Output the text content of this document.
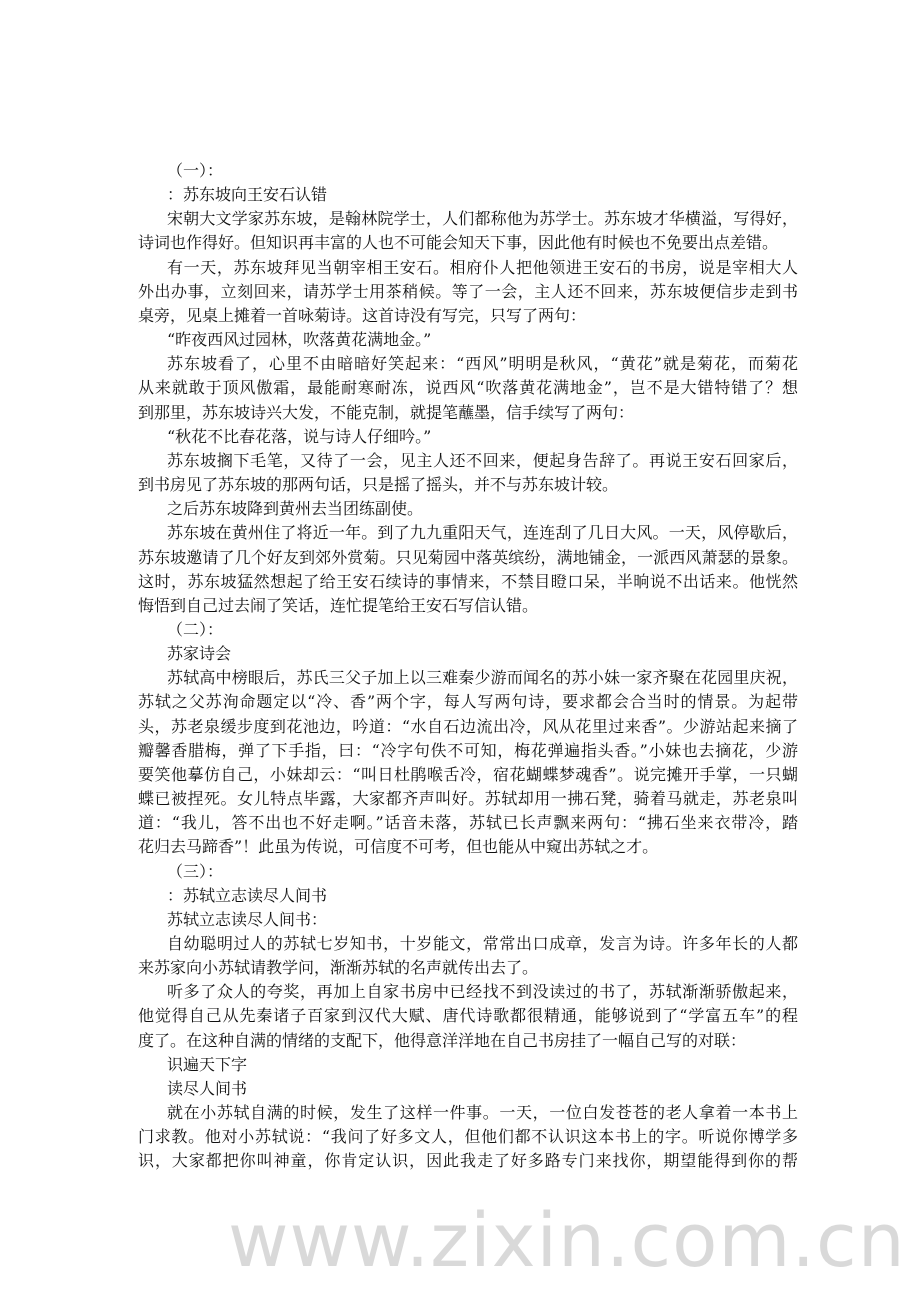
www.zixin.com.cn
（一）：
：苏东坡向王安石认错
宋朝大文学家苏东坡，是翰林院学士，人们都称他为苏学士。苏东坡才华横溢，写得好，
诗词也作得好。但知识再丰富的人也不可能会知天下事，因此他有时候也不免要出点差错。
有一天，苏东坡拜见当朝宰相王安石。相府仆人把他领进王安石的书房，说是宰相大人
外出办事，立刻回来，请苏学士用茶稍候。等了一会，主人还不回来，苏东坡便信步走到书
桌旁，见桌上摊着一首咏菊诗。这首诗没有写完，只写了两句：
“昨夜西风过园林，吹落黄花满地金。”
苏东坡看了，心里不由暗暗好笑起来：“西风”明明是秋风，“黄花”就是菊花，而菊花
从来就敢于顶风傲霜，最能耐寒耐冻，说西风“吹落黄花满地金”，岂不是大错特错了？想
到那里，苏东坡诗兴大发，不能克制，就提笔蘸墨，信手续写了两句：
“秋花不比春花落，说与诗人仔细吟。”
苏东坡搁下毛笔，又待了一会，见主人还不回来，便起身告辞了。再说王安石回家后，
到书房见了苏东坡的那两句话，只是摇了摇头，并不与苏东坡计较。
之后苏东坡降到黄州去当团练副使。
苏东坡在黄州住了将近一年。到了九九重阳天气，连连刮了几日大风。一天，风停歇后，
苏东坡邀请了几个好友到郊外赏菊。只见菊园中落英缤纷，满地铺金，一派西风萧瑟的景象。
这时，苏东坡猛然想起了给王安石续诗的事情来，不禁目瞪口呆，半晌说不出话来。他恍然
悔悟到自己过去闹了笑话，连忙提笔给王安石写信认错。
（二）：
苏家诗会
苏轼高中榜眼后，苏氏三父子加上以三难秦少游而闻名的苏小妹一家齐聚在花园里庆祝，
苏轼之父苏洵命题定以“冷、香”两个字，每人写两句诗，要求都会合当时的情景。为起带
头，苏老泉缓步度到花池边，吟道：“水自石边流出冷，风从花里过来香”。少游站起来摘了
瓣馨香腊梅，弹了下手指，曰：“冷字句佚不可知，梅花弹遍指头香。”小妹也去摘花，少游
要笑他摹仿自己，小妹却云：“叫日杜鹃喉舌冷，宿花蝴蝶梦魂香”。说完摊开手掌，一只蝴
蝶已被捏死。女儿特点毕露，大家都齐声叫好。苏轼却用一拂石凳，骑着马就走，苏老泉叫
道：“我儿，答不出也不好走啊。”话音未落，苏轼已长声飘来两句：“拂石坐来衣带冷，踏
花归去马蹄香”！此虽为传说，可信度不可考，但也能从中窥出苏轼之才。
（三）：
：苏轼立志读尽人间书
苏轼立志读尽人间书：
自幼聪明过人的苏轼七岁知书，十岁能文，常常出口成章，发言为诗。许多年长的人都
来苏家向小苏轼请教学问，渐渐苏轼的名声就传出去了。
听多了众人的夸奖，再加上自家书房中已经找不到没读过的书了，苏轼渐渐骄傲起来，
他觉得自己从先秦诸子百家到汉代大赋、唐代诗歌都很精通，能够说到了“学富五车”的程
度了。在这种自满的情绪的支配下，他得意洋洋地在自己书房挂了一幅自己写的对联：
识遍天下字
读尽人间书
就在小苏轼自满的时候，发生了这样一件事。一天，一位白发苍苍的老人拿着一本书上
门求教。他对小苏轼说：“我问了好多文人，但他们都不认识这本书上的字。听说你博学多
识，大家都把你叫神童，你肯定认识，因此我走了好多路专门来找你，期望能得到你的帮
